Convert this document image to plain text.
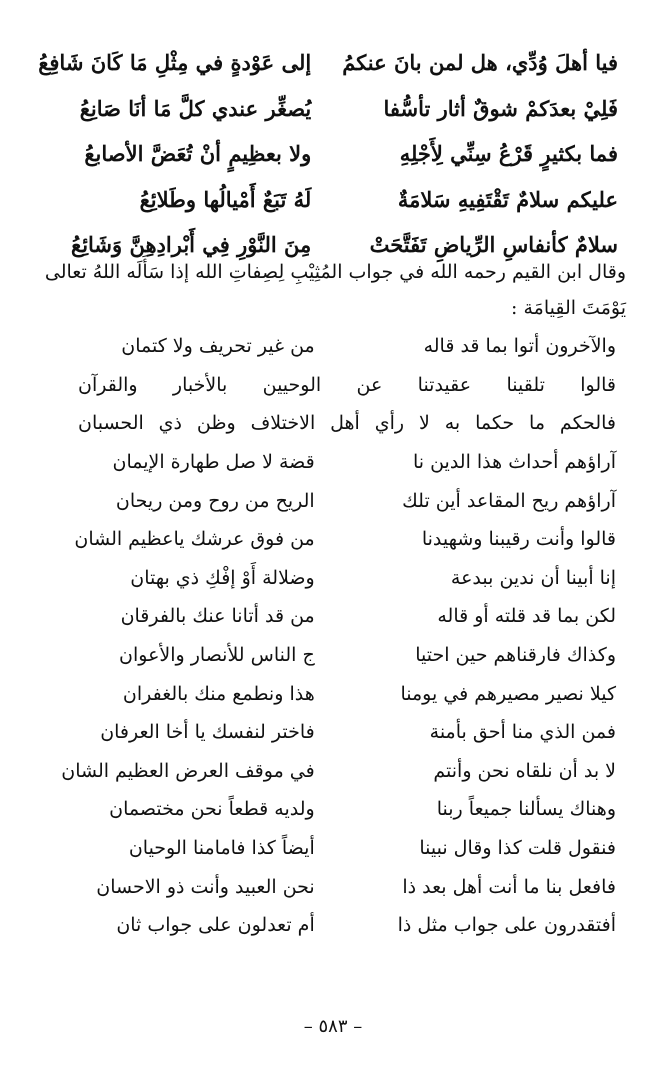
فيا أهلَ وُدِّي، هل لمن بانَ عنكمُ
إلى عَوْدةٍ في مِثْلِ مَا كَانَ شَافِعُ
فَلِيْ بعدَكمْ شوقٌ أثار تأسُّفا
يُصغِّر عندي كلَّ مَا أنَا صَانِعُ
فما بكثيرٍ قَرْعُ سِنِّي لِأَجْلِهِ
ولا بعظِيمٍ أنْ تُعَضَّ الأصابعُ
عليكم سلامٌ تَقْتَفِيهِ سَلامَةٌ
لَهُ تَبَعٌ أَمْيالُها وطَلائِعُ
سلامٌ كأنفاسِ الرِّياضِ تَفَتَّحَتْ
مِنَ النَّوْرِ فِي أَبْرادِهِنَّ وَشَائِعُ
وقال ابن القيم رحمه الله في جواب المُثِيْبِ لِصِفاتِ الله إذا سَأَلَه اللهُ تعالى يَوْمَتَ القِيامَة :
والآخرون أتوا بما قد قاله
من غير تحريف ولا كتمان
قالوا تلقينا عقيدتنا عن الوحيين بالأخبار والقرآن
فالحكم ما حكما به لا رأي أهل الاختلاف وظن ذي الحسبان
آراؤهم أحداث هذا الدين نا
قضة لا صل طهارة الإيمان
آراؤهم ريح المقاعد أين تلك
الريح من روح ومن ريحان
قالوا وأنت رقيبنا وشهيدنا
من فوق عرشك ياعظيم الشان
إنا أبينا أن ندين ببدعة
وضلالة أَوْ إفْكِ ذي بهتان
لكن بما قد قلته أو قاله
من قد أتانا عنك بالفرقان
وكذاك فارقناهم حين احتيا
ج الناس للأنصار والأعوان
كيلا نصير مصيرهم في يومنا
هذا ونطمع منك بالغفران
فمن الذي منا أحق بأمنة
فاختر لنفسك يا أخا العرفان
لا بد أن نلقاه نحن وأنتم
في موقف العرض العظيم الشان
وهناك يسألنا جميعاً ربنا
ولديه قطعاً نحن مختصمان
فنقول قلت كذا وقال نبينا
أيضاً كذا فامامنا الوحيان
فافعل بنا ما أنت أهل بعد ذا
نحن العبيد وأنت ذو الاحسان
أفتقدرون على جواب مثل ذا
أم تعدلون على جواب ثان
– ٥٨٣ –
